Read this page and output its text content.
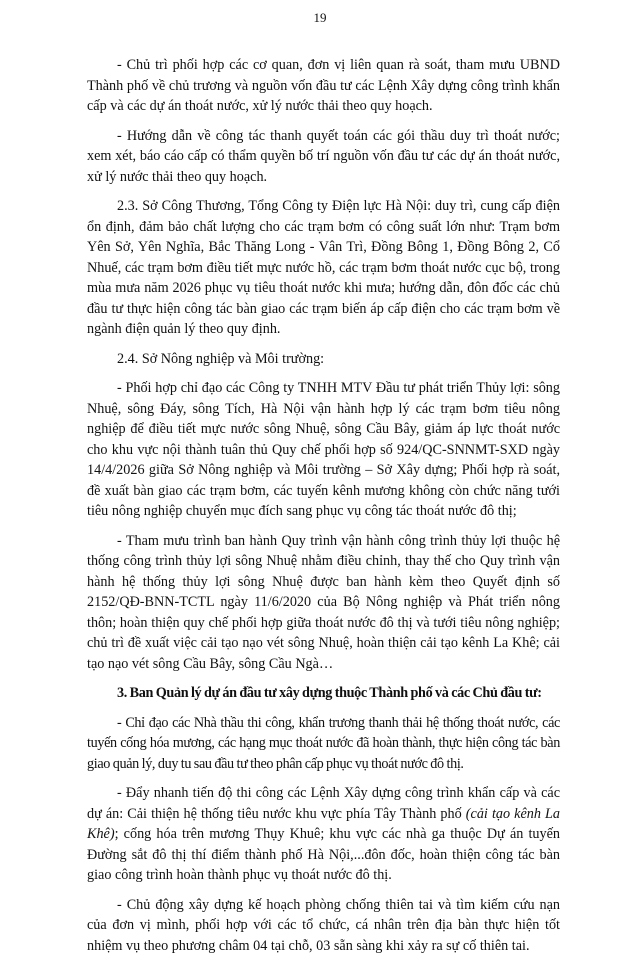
19

- Chủ trì phối hợp các cơ quan, đơn vị liên quan rà soát, tham mưu UBND Thành phố về chủ trương và nguồn vốn đầu tư các Lệnh Xây dựng công trình khẩn cấp và các dự án thoát nước, xử lý nước thải theo quy hoạch.

- Hướng dẫn về công tác thanh quyết toán các gói thầu duy trì thoát nước; xem xét, báo cáo cấp có thẩm quyền bố trí nguồn vốn đầu tư các dự án thoát nước, xử lý nước thải theo quy hoạch.

2.3. Sở Công Thương, Tổng Công ty Điện lực Hà Nội: duy trì, cung cấp điện ổn định, đảm bảo chất lượng cho các trạm bơm có công suất lớn như: Trạm bơm Yên Sở, Yên Nghĩa, Bắc Thăng Long - Vân Trì, Đồng Bông 1, Đồng Bông 2, Cổ Nhuế, các trạm bơm điều tiết mực nước hồ, các trạm bơm thoát nước cục bộ, trong mùa mưa năm 2026 phục vụ tiêu thoát nước khi mưa; hướng dẫn, đôn đốc các chủ đầu tư thực hiện công tác bàn giao các trạm biến áp cấp điện cho các trạm bơm về ngành điện quản lý theo quy định.

2.4. Sở Nông nghiệp và Môi trường:

- Phối hợp chỉ đạo các Công ty TNHH MTV Đầu tư phát triển Thủy lợi: sông Nhuệ, sông Đáy, sông Tích, Hà Nội vận hành hợp lý các trạm bơm tiêu nông nghiệp để điều tiết mực nước sông Nhuệ, sông Cầu Bây, giảm áp lực thoát nước cho khu vực nội thành tuân thủ Quy chế phối hợp số 924/QC-SNNMT-SXD ngày 14/4/2026 giữa Sở Nông nghiệp và Môi trường – Sở Xây dựng; Phối hợp rà soát, đề xuất bàn giao các trạm bơm, các tuyến kênh mương không còn chức năng tưới tiêu nông nghiệp chuyển mục đích sang phục vụ công tác thoát nước đô thị;

- Tham mưu trình ban hành Quy trình vận hành công trình thủy lợi thuộc hệ thống công trình thủy lợi sông Nhuệ nhằm điều chỉnh, thay thế cho Quy trình vận hành hệ thống thủy lợi sông Nhuệ được ban hành kèm theo Quyết định số 2152/QĐ-BNN-TCTL ngày 11/6/2020 của Bộ Nông nghiệp và Phát triển nông thôn; hoàn thiện quy chế phối hợp giữa thoát nước đô thị và tưới tiêu nông nghiệp; chủ trì đề xuất việc cải tạo nạo vét sông Nhuệ, hoàn thiện cải tạo kênh La Khê; cải tạo nạo vét sông Cầu Bây, sông Cầu Ngà…

3. Ban Quản lý dự án đầu tư xây dựng thuộc Thành phố và các Chủ đầu tư:

- Chỉ đạo các Nhà thầu thi công, khẩn trương thanh thải hệ thống thoát nước, các tuyến cống hóa mương, các hạng mục thoát nước đã hoàn thành, thực hiện công tác bàn giao quản lý, duy tu sau đầu tư theo phân cấp phục vụ thoát nước đô thị.

- Đẩy nhanh tiến độ thi công các Lệnh Xây dựng công trình khẩn cấp và các dự án: Cải thiện hệ thống tiêu nước khu vực phía Tây Thành phố (cải tạo kênh La Khê); cống hóa trên mương Thụy Khuê; khu vực các nhà ga thuộc Dự án tuyến Đường sắt đô thị thí điểm thành phố Hà Nội,...đôn đốc, hoàn thiện công tác bàn giao công trình hoàn thành phục vụ thoát nước đô thị.

- Chủ động xây dựng kế hoạch phòng chống thiên tai và tìm kiếm cứu nạn của đơn vị mình, phối hợp với các tổ chức, cá nhân trên địa bàn thực hiện tốt nhiệm vụ theo phương châm 04 tại chỗ, 03 sẵn sàng khi xảy ra sự cố thiên tai.
